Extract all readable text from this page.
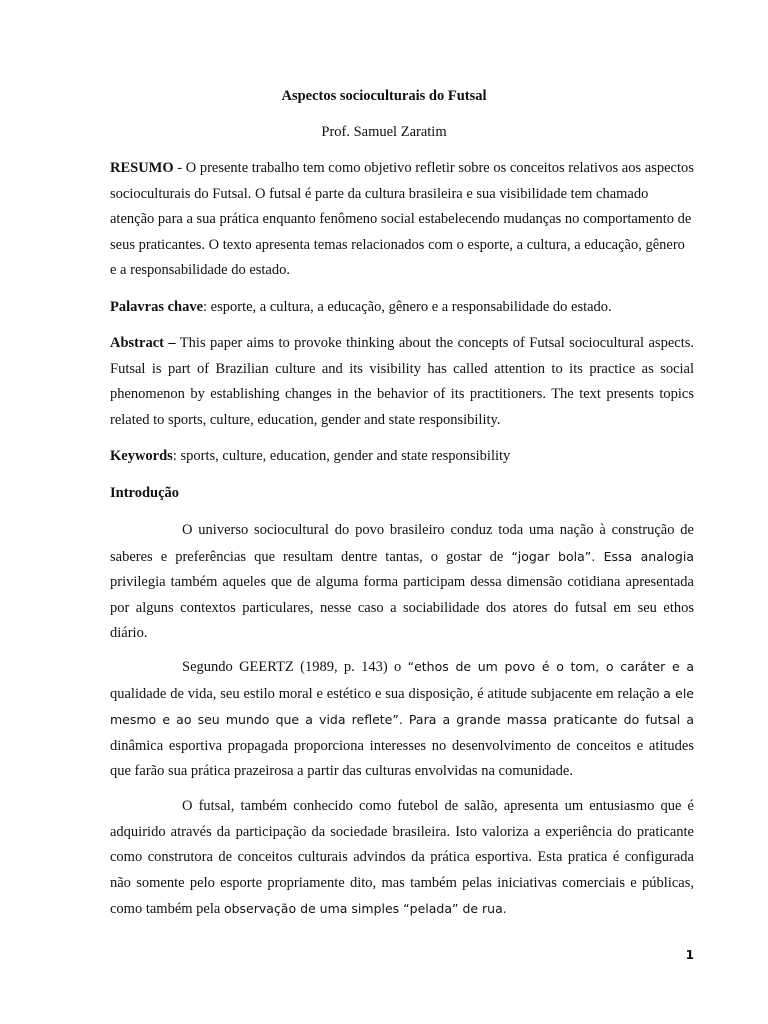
Aspectos socioculturais do Futsal
Prof. Samuel Zaratim

RESUMO - O presente trabalho tem como objetivo refletir sobre os conceitos relativos aos aspectos socioculturais do Futsal. O futsal é parte da cultura brasileira e sua visibilidade tem chamado atenção para a sua prática enquanto fenômeno social estabelecendo mudanças no comportamento de seus praticantes. O texto apresenta temas relacionados com o esporte, a cultura, a educação, gênero e a responsabilidade do estado.

Palavras chave: esporte, a cultura, a educação, gênero e a responsabilidade do estado.

Abstract – This paper aims to provoke thinking about the concepts of Futsal sociocultural aspects. Futsal is part of Brazilian culture and its visibility has called attention to its practice as social phenomenon by establishing changes in the behavior of its practitioners. The text presents topics related to sports, culture, education, gender and state responsibility.

Keywords: sports, culture, education, gender and state responsibility

Introdução

O universo sociocultural do povo brasileiro conduz toda uma nação à construção de saberes e preferências que resultam dentre tantas, o gostar de “jogar bola”. Essa analogia privilegia também aqueles que de alguma forma participam dessa dimensão cotidiana apresentada por alguns contextos particulares, nesse caso a sociabilidade dos atores do futsal em seu ethos diário.

Segundo GEERTZ (1989, p. 143) o “ethos de um povo é o tom, o caráter e a qualidade de vida, seu estilo moral e estético e sua disposição, é atitude subjacente em relação a ele mesmo e ao seu mundo que a vida reflete”. Para a grande massa praticante do futsal a dinâmica esportiva propagada proporciona interesses no desenvolvimento de conceitos e atitudes que farão sua prática prazeirosa a partir das culturas envolvidas na comunidade.

O futsal, também conhecido como futebol de salão, apresenta um entusiasmo que é adquirido através da participação da sociedade brasileira. Isto valoriza a experiência do praticante como construtora de conceitos culturais advindos da prática esportiva. Esta pratica é configurada não somente pelo esporte propriamente dito, mas também pelas iniciativas comerciais e públicas, como também pela observação de uma simples “pelada” de rua.

1
